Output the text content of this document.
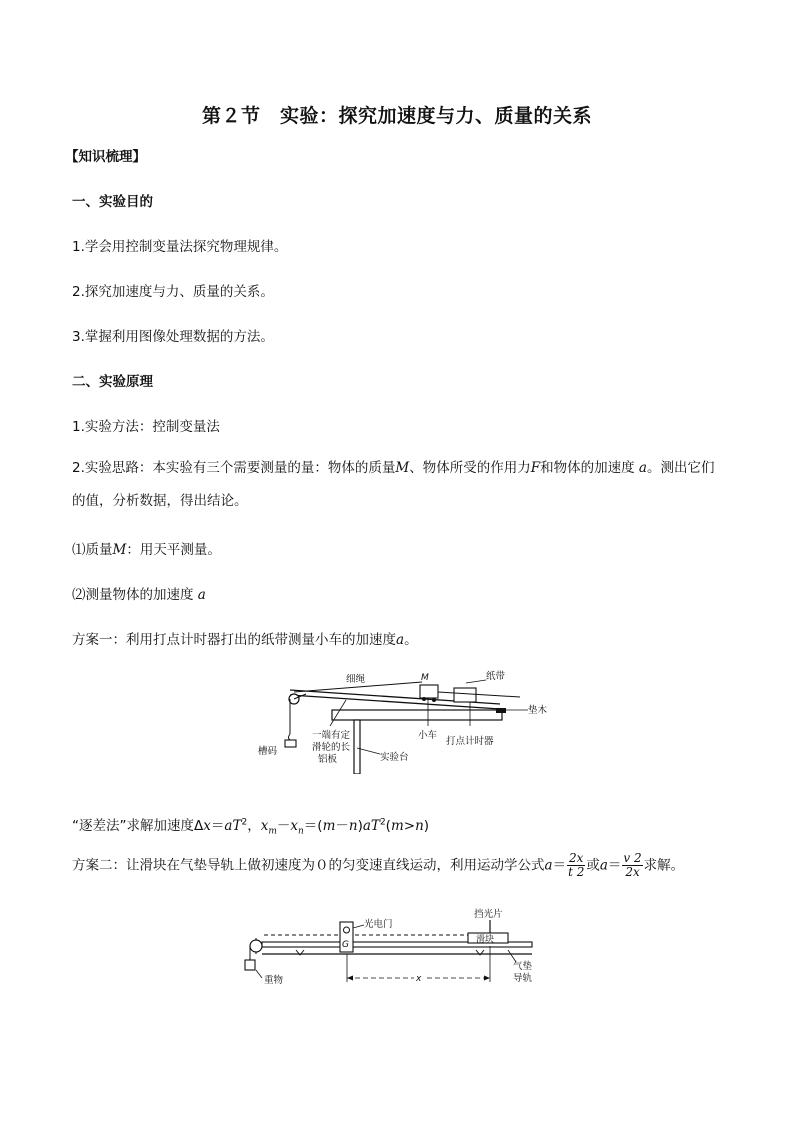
第２节　实验：探究加速度与力、质量的关系
【知识梳理】
一、实验目的
1.学会用控制变量法探究物理规律。
2.探究加速度与力、质量的关系。
3.掌握利用图像处理数据的方法。
二、实验原理
1.实验方法：控制变量法
2.实验思路：本实验有三个需要测量的量：物体的质量M、物体所受的作用力F和物体的加速度 a。测出它们的值，分析数据，得出结论。
⑴质量M：用天平测量。
⑵测量物体的加速度 a
方案一：利用打点计时器打出的纸带测量小车的加速度a。
细绳	M	纸带
垫木
槽码
一端有定
滑轮的长
铝板
小车
打点计时器
实验台
“逐差法”求解加速度$\Delta x=aT^2$，$x_m-x_n=(m-n)aT^2(m>n)$
方案二：让滑块在气垫导轨上做初速度为０的匀变速直线运动，利用运动学公式$a= \frac{2x}{t 2}$ 或$a= \frac{v 2}{2x}$ 求解。
G	滑块
x
光电门
挡光片
气垫
导轨
重物
